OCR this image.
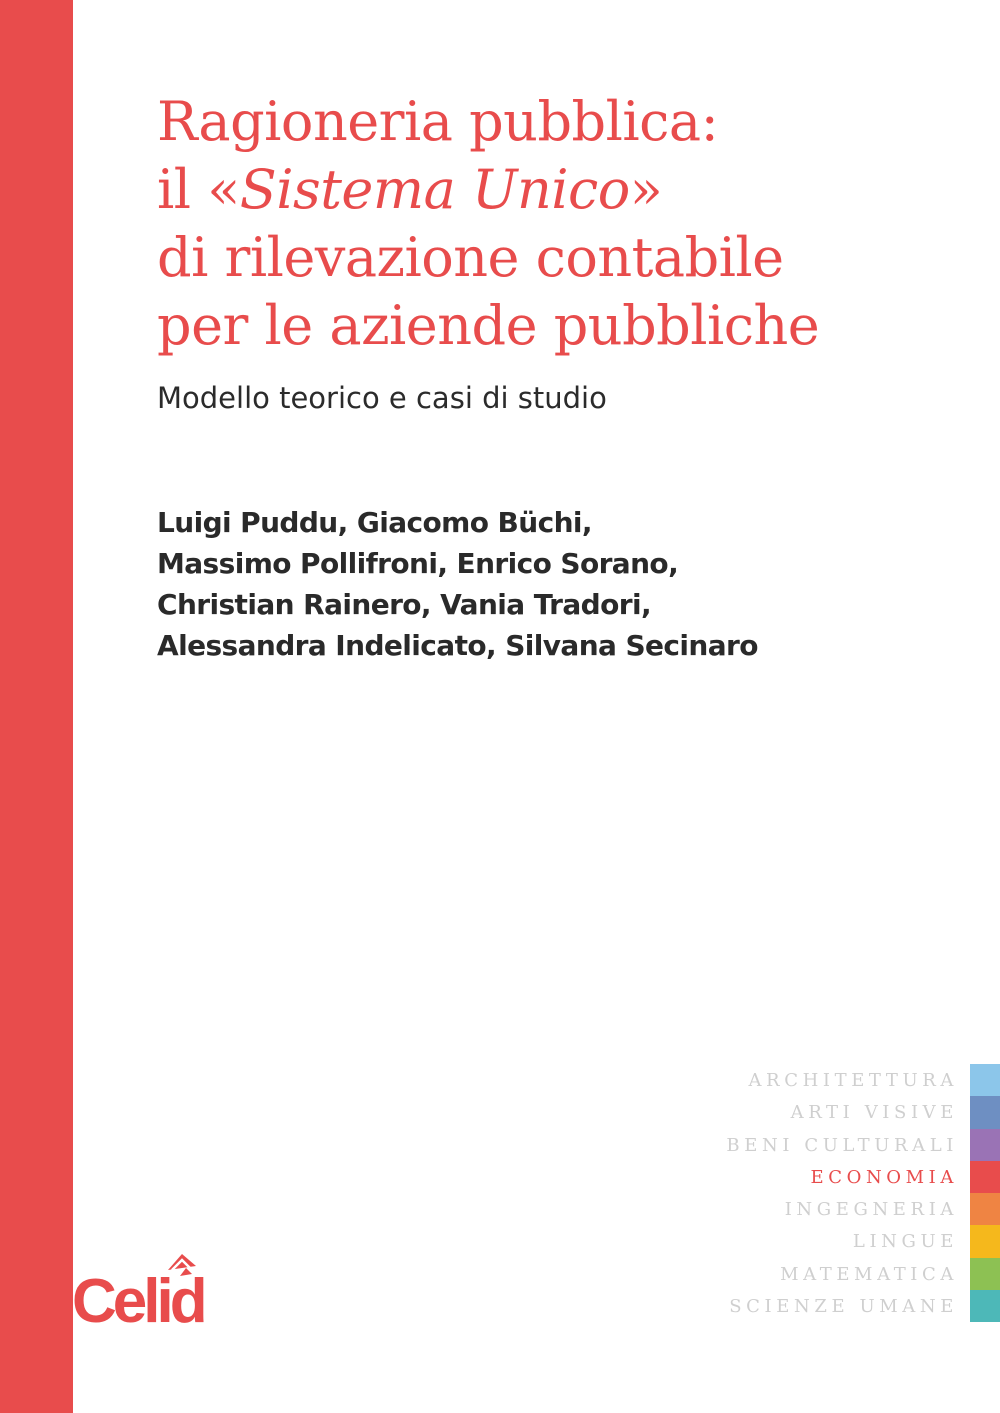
Ragioneria pubblica:
il «Sistema Unico»
di rilevazione contabile
per le aziende pubbliche
Modello teorico e casi di studio
Luigi Puddu, Giacomo Büchi,
Massimo Pollifroni, Enrico Sorano,
Christian Rainero, Vania Tradori,
Alessandra Indelicato, Silvana Secinaro
ARCHITETTURA
ARTI VISIVE
BENI CULTURALI
ECONOMIA
INGEGNERIA
LINGUE
MATEMATICA
SCIENZE UMANE
Celid
